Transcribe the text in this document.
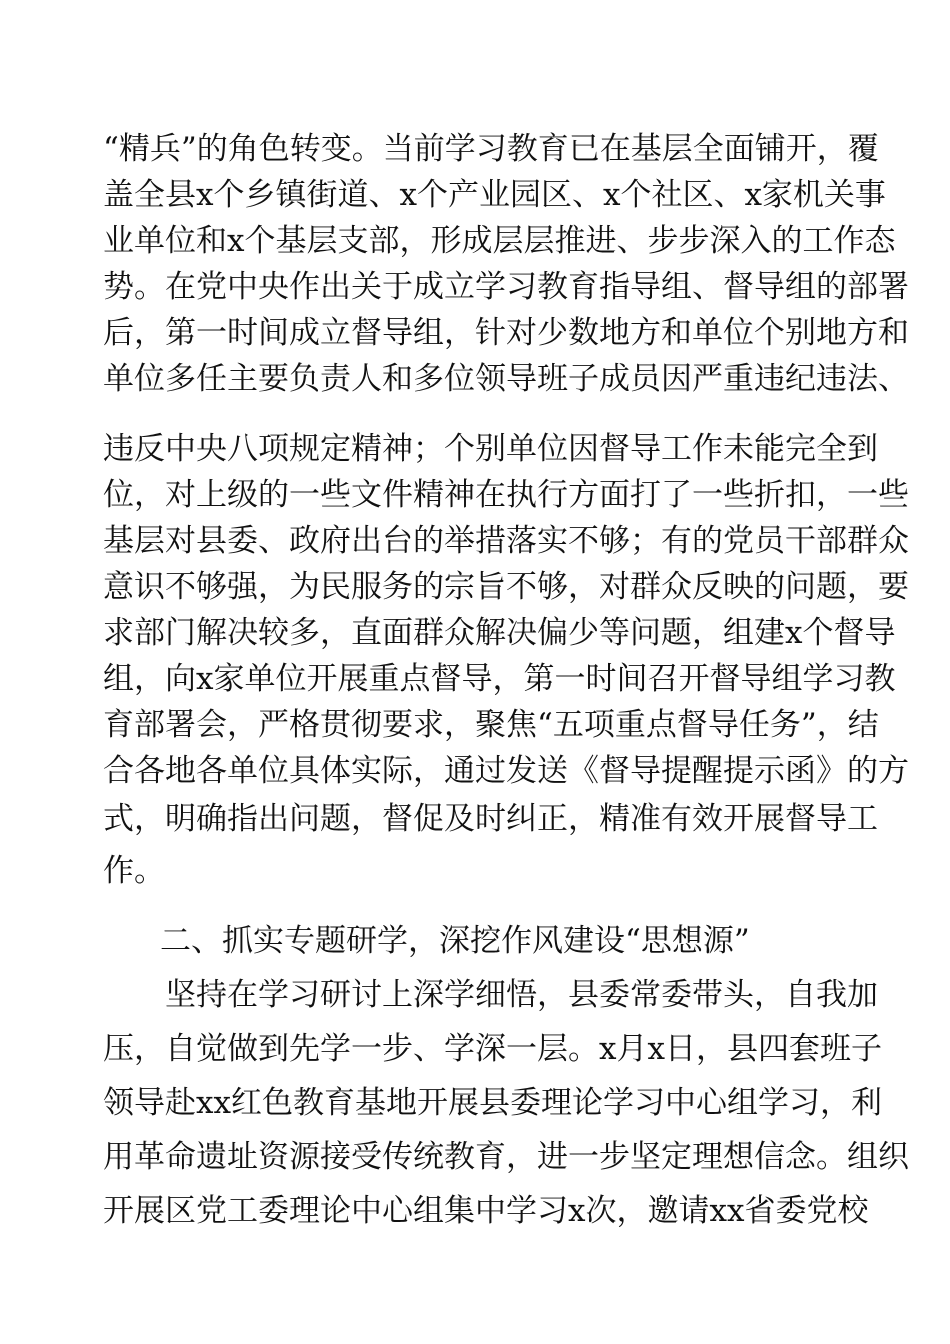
“精兵”的角色转变。当前学习教育已在基层全面铺开，覆
盖全县x个乡镇街道、x个产业园区、x个社区、x家机关事
业单位和x个基层支部，形成层层推进、步步深入的工作态
势。在党中央作出关于成立学习教育指导组、督导组的部署
后，第一时间成立督导组，针对少数地方和单位个别地方和
单位多任主要负责人和多位领导班子成员因严重违纪违法、
违反中央八项规定精神；个别单位因督导工作未能完全到
位，对上级的一些文件精神在执行方面打了一些折扣，一些
基层对县委、政府出台的举措落实不够；有的党员干部群众
意识不够强，为民服务的宗旨不够，对群众反映的问题，要
求部门解决较多，直面群众解决偏少等问题，组建x个督导
组，向x家单位开展重点督导，第一时间召开督导组学习教
育部署会，严格贯彻要求，聚焦“五项重点督导任务”，结
合各地各单位具体实际，通过发送《督导提醒提示函》的方
式，明确指出问题，督促及时纠正，精准有效开展督导工
作。
二、抓实专题研学，深挖作风建设“思想源”
坚持在学习研讨上深学细悟，县委常委带头，自我加
压，自觉做到先学一步、学深一层。x月x日，县四套班子
领导赴xx红色教育基地开展县委理论学习中心组学习，利
用革命遗址资源接受传统教育，进一步坚定理想信念。组织
开展区党工委理论中心组集中学习x次，邀请xx省委党校
